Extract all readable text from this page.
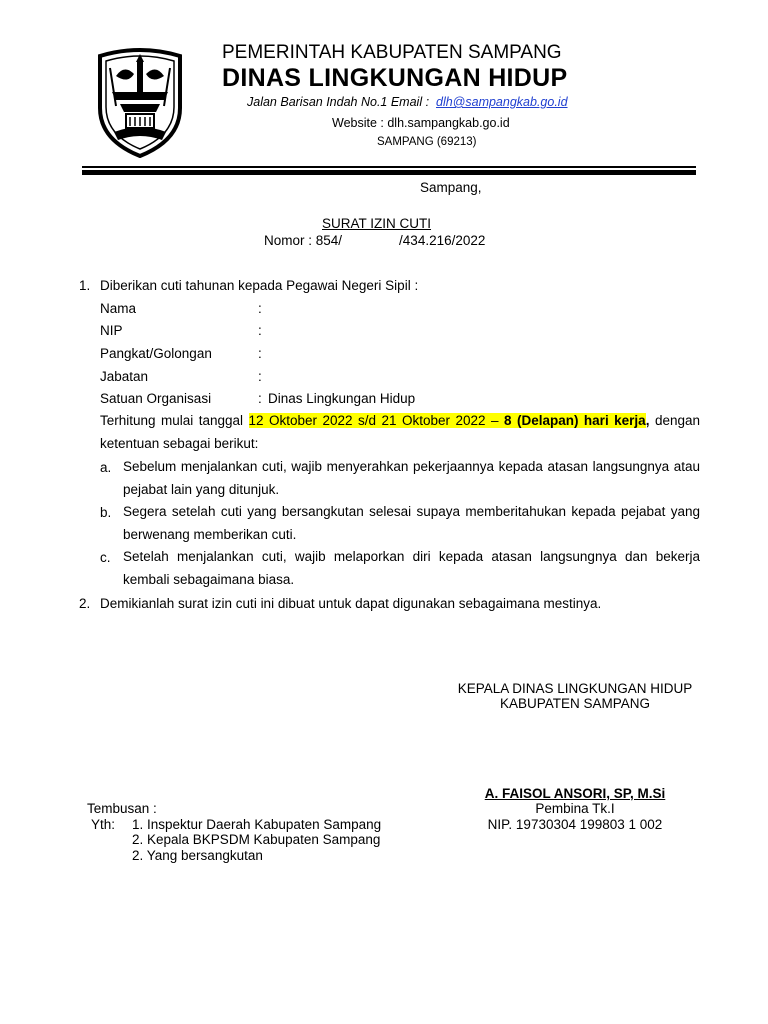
PEMERINTAH KABUPATEN SAMPANG
DINAS LINGKUNGAN HIDUP
Jalan Barisan Indah No.1 Email : dlh@sampangkab.go.id
Website : dlh.sampangkab.go.id
SAMPANG (69213)
Sampang,
SURAT IZIN CUTI
Nomor : 854/	/434.216/2022
1. Diberikan cuti tahunan kepada Pegawai Negeri Sipil :
Nama	:
NIP	:
Pangkat/Golongan	:
Jabatan	:
Satuan Organisasi	: Dinas Lingkungan Hidup
Terhitung mulai tanggal 12 Oktober 2022 s/d 21 Oktober 2022 – 8 (Delapan) hari kerja, dengan ketentuan sebagai berikut:
a. Sebelum menjalankan cuti, wajib menyerahkan pekerjaannya kepada atasan langsungnya atau pejabat lain yang ditunjuk.
b. Segera setelah cuti yang bersangkutan selesai supaya memberitahukan kepada pejabat yang berwenang memberikan cuti.
c. Setelah menjalankan cuti, wajib melaporkan diri kepada atasan langsungnya dan bekerja kembali sebagaimana biasa.
2. Demikianlah surat izin cuti ini dibuat untuk dapat digunakan sebagaimana mestinya.
KEPALA DINAS LINGKUNGAN HIDUP
KABUPATEN SAMPANG
A. FAISOL ANSORI, SP, M.Si
Pembina Tk.I
NIP. 19730304 199803 1 002
Tembusan :
Yth: 1. Inspektur Daerah Kabupaten Sampang
2. Kepala BKPSDM Kabupaten Sampang
2. Yang bersangkutan
